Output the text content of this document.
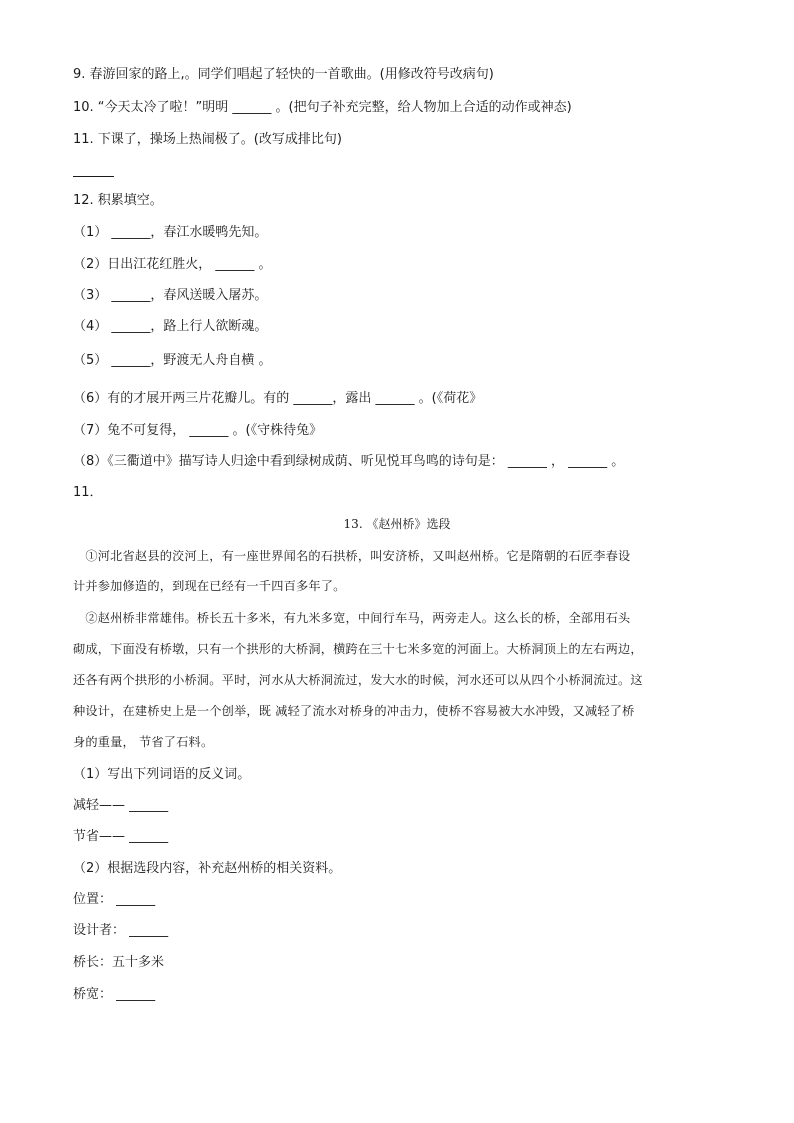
9. 春游回家的路上,。同学们唱起了轻快的一首歌曲。(用修改符号改病句)
10. “今天太冷了啦！”明明 ______ 。(把句子补充完整，给人物加上合适的动作或神态)
11. 下课了，操场上热闹极了。(改写成排比句)
12. 积累填空。
（1） ______，春江水暖鸭先知。
（2）日出江花红胜火， ______ 。
（3） ______，春风送暖入屠苏。
（4） ______，路上行人欲断魂。
（5） ______，野渡无人舟自横 。
（6）有的才展开两三片花瓣儿。有的 ______，露出 ______ 。(《荷花》
（7）兔不可复得， ______ 。(《守株待兔》
（8）《三衢道中》描写诗人归途中看到绿树成荫、听见悦耳鸟鸣的诗句是： ______ ， ______ 。
11．
13. 《赵州桥》选段
　①河北省赵县的洨河上，有一座世界闻名的石拱桥，叫安济桥，又叫赵州桥。它是隋朝的石匠李春设
计并参加修造的，到现在已经有一千四百多年了。
　②赵州桥非常雄伟。桥长五十多米，有九米多宽，中间行车马，两旁走人。这么长的桥，全部用石头
砌成，下面没有桥墩，只有一个拱形的大桥洞，横跨在三十七米多宽的河面上。大桥洞顶上的左右两边，
还各有两个拱形的小桥洞。平时，河水从大桥洞流过，发大水的时候，河水还可以从四个小桥洞流过。这
种设计，在建桥史上是一个创举，既 减轻了流水对桥身的冲击力，使桥不容易被大水冲毁，又减轻了桥
身的重量， 节省了石料。
（1）写出下列词语的反义词。
减轻—— ______
节省—— ______
（2）根据选段内容，补充赵州桥的相关资料。
位置： ______
设计者： ______
桥长：五十多米
桥宽： ______
